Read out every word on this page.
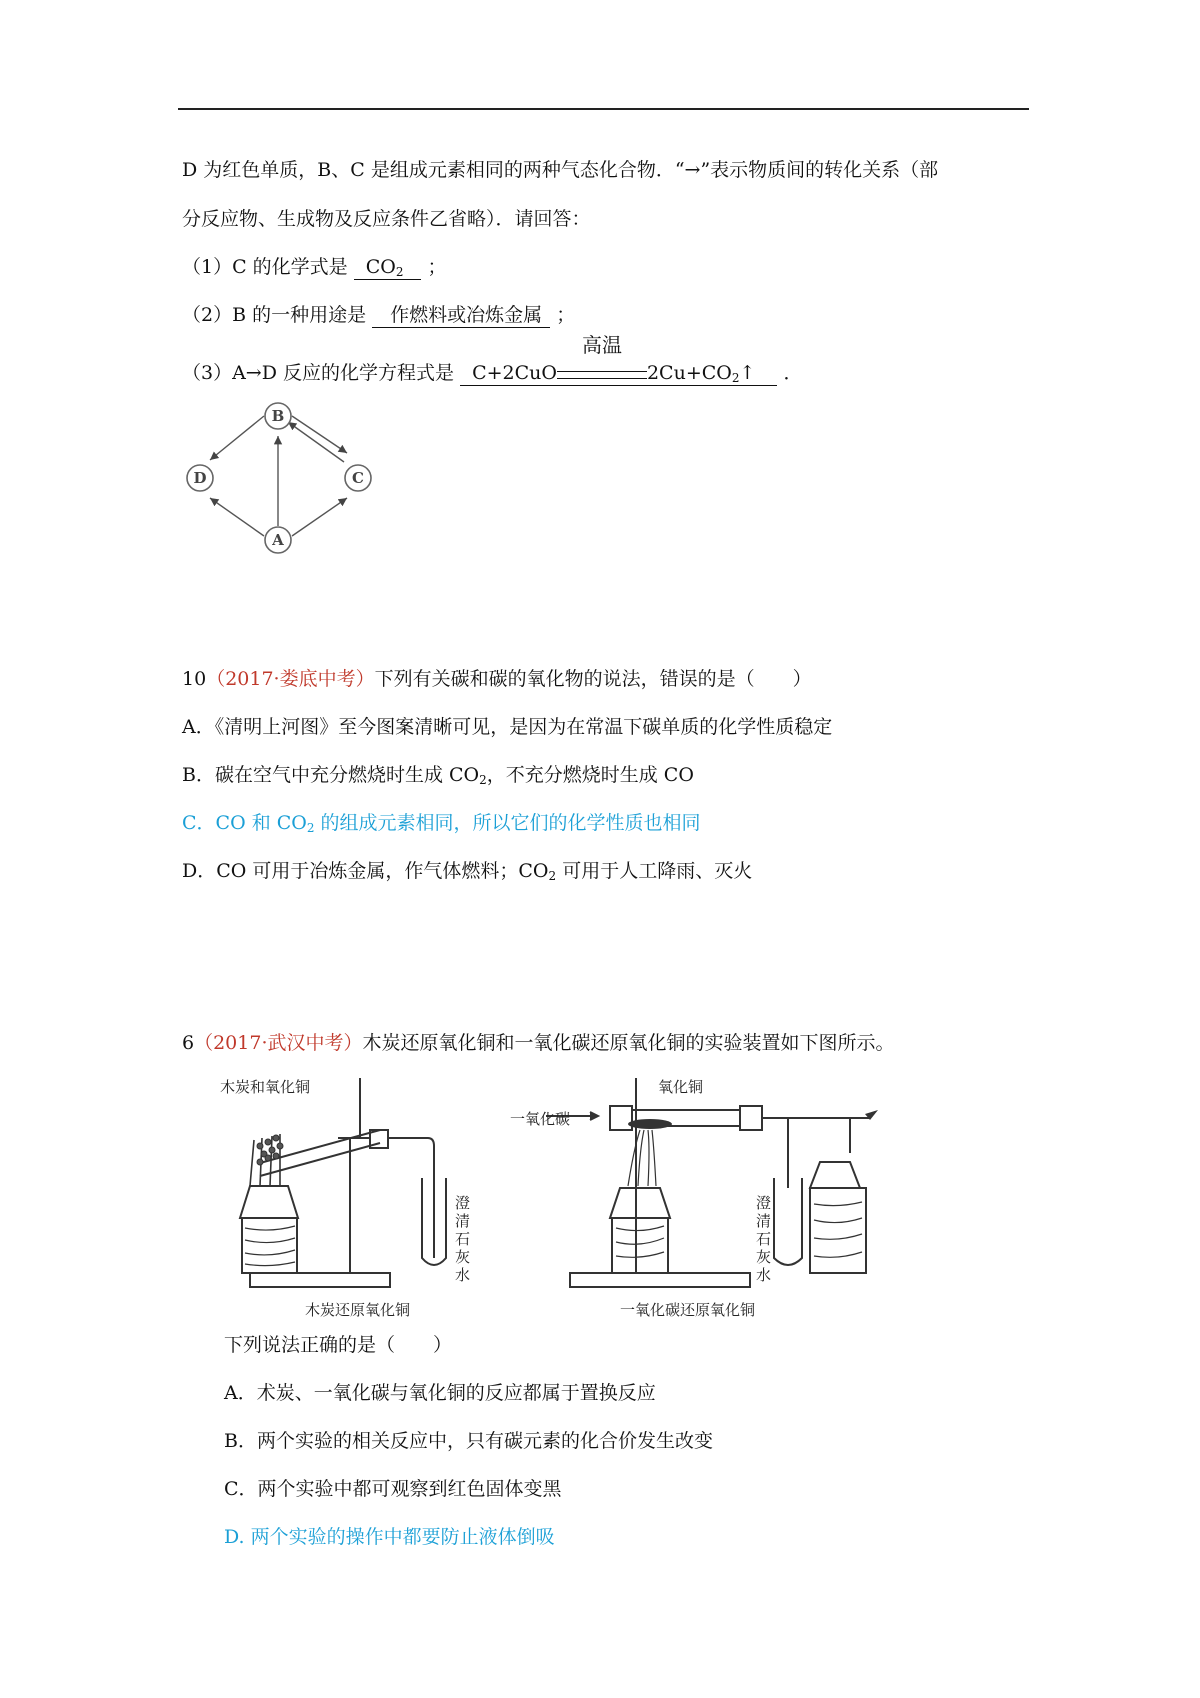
D 为红色单质，B、C 是组成元素相同的两种气态化合物．“→”表示物质间的转化关系（部
分反应物、生成物及反应条件乙省略）．请回答：
（1）C 的化学式是 $CO_2$ ；
（2）B 的一种用途是 作燃料或冶炼金属 ；
（3）A→D 反应的化学方程式是 C+2CuO
高温
$2Cu+CO_2↑$ ．
B
D	C
A
10（2017·娄底中考）下列有关碳和碳的氧化物的说法，错误的是（　　）
A．《清明上河图》至今图案清晰可见，是因为在常温下碳单质的化学性质稳定
B．碳在空气中充分燃烧时生成 $CO_2$，不充分燃烧时生成 CO
C．CO 和 $CO_2$ 的组成元素相同，所以它们的化学性质也相同
D．CO 可用于冶炼金属，作气体燃料；$CO_2$ 可用于人工降雨、灭火
6（2017·武汉中考）木炭还原氧化铜和一氧化碳还原氧化铜的实验装置如下图所示。
木炭和氧化铜
澄
清
石
灰
水
木炭还原氧化铜
一氧化碳
氧化铜
澄
清
石
灰
水
一氧化碳还原氧化铜
下列说法正确的是（　　）
A．术炭、一氧化碳与氧化铜的反应都属于置换反应
B．两个实验的相关反应中，只有碳元素的化合价发生改变
C．两个实验中都可观察到红色固体变黑
D. 两个实验的操作中都要防止液体倒吸
